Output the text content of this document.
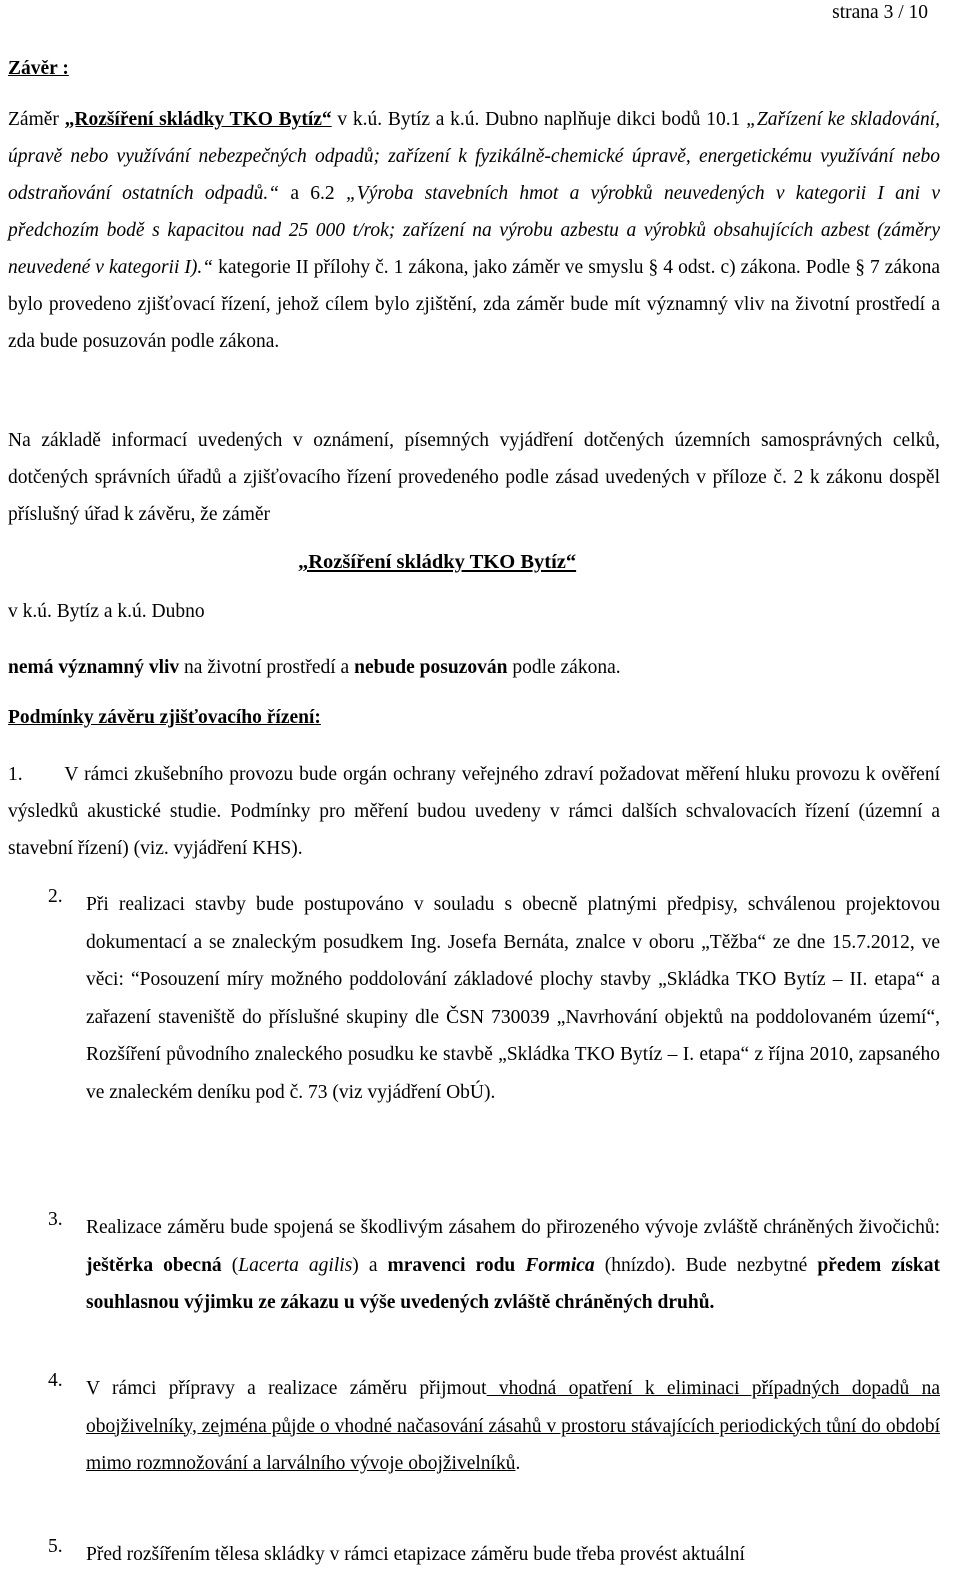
strana 3 / 10
Závěr :
Záměr „Rozšíření skládky TKO Bytíz“ v k.ú. Bytíz a k.ú. Dubno naplňuje dikci bodů 10.1 „Zařízení ke skladování, úpravě nebo využívání nebezpečných odpadů; zařízení k fyzikálně-chemické úpravě, energetickému využívání nebo odstraňování ostatních odpadů.“ a 6.2 „Výroba stavebních hmot a výrobků neuvedených v kategorii I ani v předchozím bodě s kapacitou nad 25 000 t/rok; zařízení na výrobu azbestu a výrobků obsahujících azbest (záměry neuvedené v kategorii I).“ kategorie II přílohy č. 1 zákona, jako záměr ve smyslu § 4 odst. c) zákona. Podle § 7 zákona bylo provedeno zjišťovací řízení, jehož cílem bylo zjištění, zda záměr bude mít významný vliv na životní prostředí a zda bude posuzován podle zákona.
Na základě informací uvedených v oznámení, písemných vyjádření dotčených územních samosprávných celků, dotčených správních úřadů a zjišťovacího řízení provedeného podle zásad uvedených v příloze č. 2 k zákonu dospěl příslušný úřad k závěru, že záměr
„Rozšíření skládky TKO Bytíz“
v k.ú. Bytíz a k.ú. Dubno
nemá významný vliv na životní prostředí a nebude posuzován podle zákona.
Podmínky závěru zjišťovacího řízení:
1. V rámci zkušebního provozu bude orgán ochrany veřejného zdraví požadovat měření hluku provozu k ověření výsledků akustické studie. Podmínky pro měření budou uvedeny v rámci dalších schvalovacích řízení (územní a stavební řízení) (viz. vyjádření KHS).
2. Při realizaci stavby bude postupováno v souladu s obecně platnými předpisy, schválenou projektovou dokumentací a se znaleckým posudkem Ing. Josefa Bernáta, znalce v oboru „Těžba“ ze dne 15.7.2012, ve věci: “Posouzení míry možného poddolování základové plochy stavby „Skládka TKO Bytíz – II. etapa“ a zařazení staveniště do příslušné skupiny dle ČSN 730039 „Navrhování objektů na poddolovaném území“, Rozšíření původního znaleckého posudku ke stavbě „Skládka TKO Bytíz – I. etapa“ z října 2010, zapsaného ve znaleckém deníku pod č. 73 (viz vyjádření ObÚ).
3. Realizace záměru bude spojená se škodlivým zásahem do přirozeného vývoje zvláště chráněných živočichů: ještěrka obecná (Lacerta agilis) a mravenci rodu Formica (hnízdo). Bude nezbytné předem získat souhlasnou výjimku ze zákazu u výše uvedených zvláště chráněných druhů.
4. V rámci přípravy a realizace záměru přijmout vhodná opatření k eliminaci případných dopadů na obojživelníky, zejména půjde o vhodné načasování zásahů v prostoru stávajících periodických tůní do období mimo rozmnožování a larválního vývoje obojživelníků.
5. Před rozšířením tělesa skládky v rámci etapizace záměru bude třeba provést aktuální
